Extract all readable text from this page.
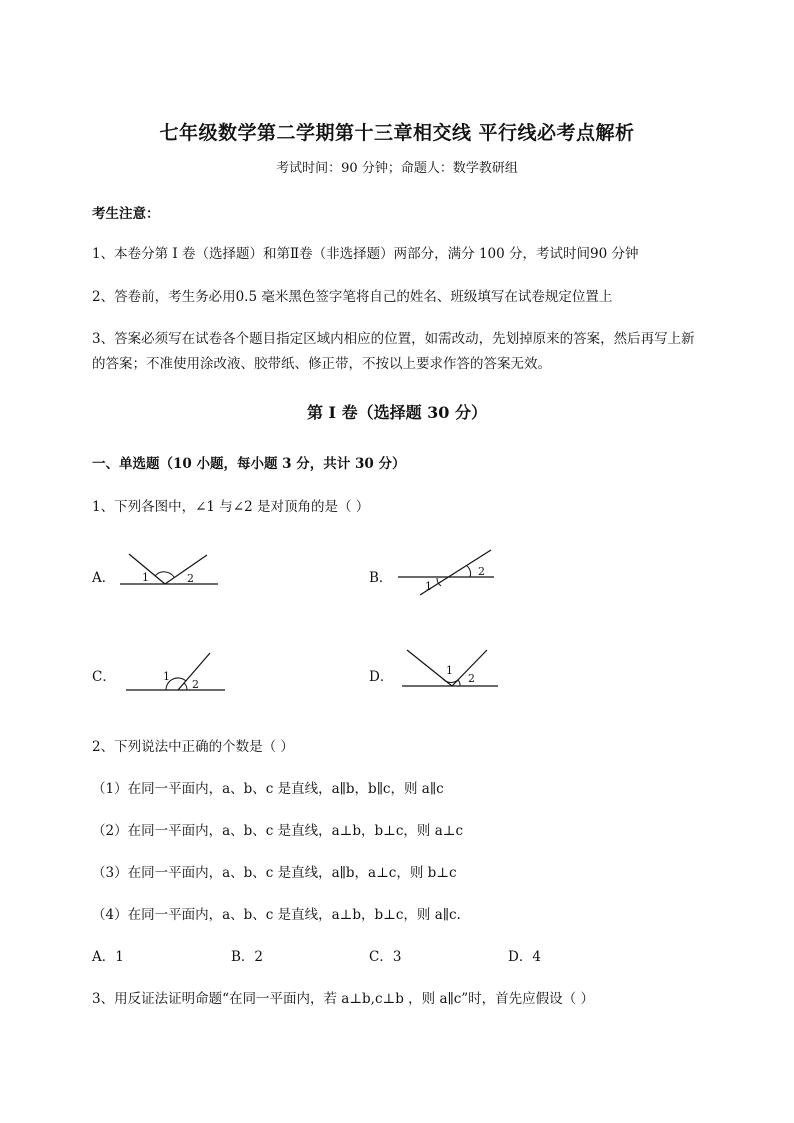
七年级数学第二学期第十三章相交线 平行线必考点解析
考试时间：90 分钟；命题人：数学教研组
考生注意：
1、本卷分第 I 卷（选择题）和第Ⅱ卷（非选择题）两部分，满分 100 分，考试时间90 分钟
2、答卷前，考生务必用0.5 毫米黑色签字笔将自己的姓名、班级填写在试卷规定位置上
3、答案必须写在试卷各个题目指定区域内相应的位置，如需改动，先划掉原来的答案，然后再写上新
的答案；不准使用涂改液、胶带纸、修正带，不按以上要求作答的答案无效。
第 I 卷（选择题 30 分）
一、单选题（10 小题，每小题 3 分，共计 30 分）
1、下列各图中，∠1 与∠2 是对顶角的是（ ）
A． 1	2	B．	2
1
C．	1
2	D．	1
2
2、下列说法中正确的个数是（ ）
（1）在同一平面内，a、b、c 是直线，a∥b，b∥c，则 a∥c
（2）在同一平面内，a、b、c 是直线，a⊥b，b⊥c，则 a⊥c
（3）在同一平面内，a、b、c 是直线，a∥b，a⊥c，则 b⊥c
（4）在同一平面内，a、b、c 是直线，a⊥b，b⊥c，则 a∥c.
A．1	B．2	C．3	D．4
3、用反证法证明命题“在同一平面内，若 a⊥b,c⊥b ，则 a∥c”时，首先应假设（ ）
